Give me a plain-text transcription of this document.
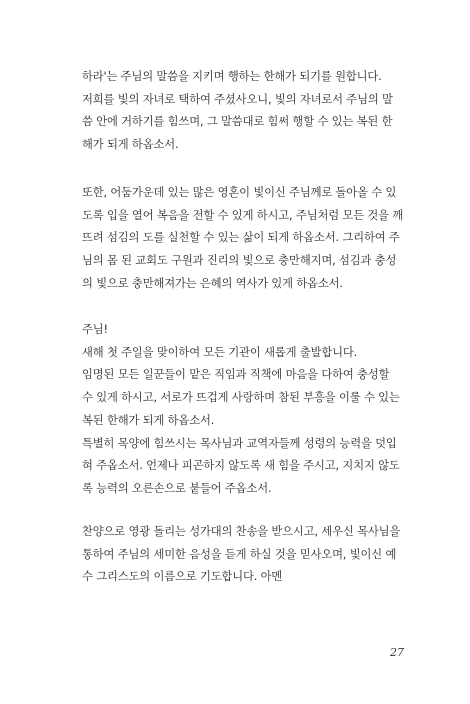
하라'는 주님의 말씀을 지키며 행하는 한해가 되기를 원합니다.
저희를 빛의 자녀로 택하여 주셨사오니, 빛의 자녀로서 주님의 말
씀 안에 거하기를 힘쓰며, 그 말씀대로 힘써 행할 수 있는 복된 한
해가 되게 하옵소서.
또한, 어둠가운데 있는 많은 영혼이 빛이신 주님께로 돌아올 수 있
도록 입을 열어 복음을 전할 수 있게 하시고, 주님처럼 모든 것을 깨
뜨려 섬김의 도를 실천할 수 있는 삶이 되게 하옵소서. 그리하여 주
님의 몸 된 교회도 구원과 진리의 빛으로 충만해지며, 섬김과 충성
의 빛으로 충만해져가는 은혜의 역사가 있게 하옵소서.
주님!
새해 첫 주일을 맞이하여 모든 기관이 새롭게 출발합니다.
임명된 모든 일꾼들이 맡은 직임과 직책에 마음을 다하여 충성할
수 있게 하시고, 서로가 뜨겁게 사랑하며 참된 부흥을 이룰 수 있는
복된 한해가 되게 하옵소서.
특별히 목양에 힘쓰시는 목사님과 교역자들께 성령의 능력을 덧입
혀 주옵소서. 언제나 피곤하지 않도록 새 힘을 주시고, 지치지 않도
록 능력의 오른손으로 붙들어 주옵소서.
찬양으로 영광 돌리는 성가대의 찬송을 받으시고, 세우신 목사님을
통하여 주님의 세미한 음성을 듣게 하실 것을 믿사오며, 빛이신 예
수 그리스도의 이름으로 기도합니다. 아멘
27
